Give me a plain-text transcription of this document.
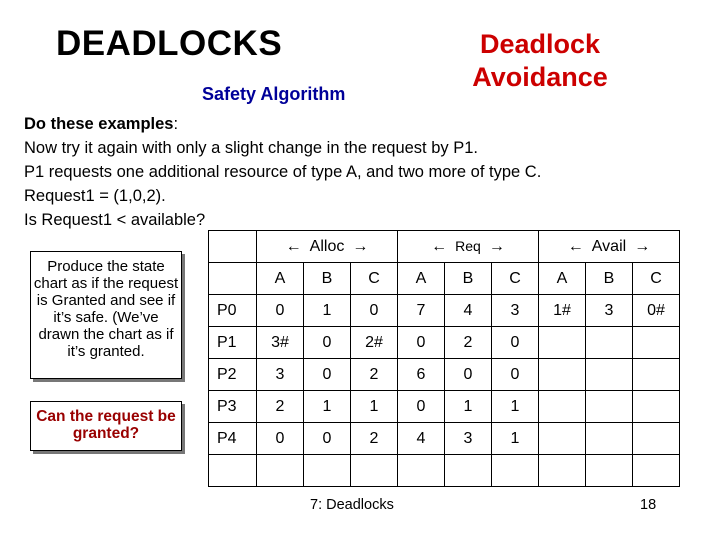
DEADLOCKS	Deadlock
Avoidance
Safety Algorithm
Do these examples:
Now try it again with only a slight change in the request by P1.
P1 requests one additional resource of type A, and two more of type C.
Request1 = (1,0,2).
Is Request1 < available?
Produce the state chart as if the request is Granted and see if it’s safe. (We’ve drawn the chart as if it’s granted.
Can the request be granted?
	← Alloc →			← Req →			← Avail →		
	A	B	C	A	B	C	A	B	C
P0	0	1	0	7	4	3	1#	3	0#
P1	3#	0	2#	0	2	0			
P2	3	0	2	6	0	0			
P3	2	1	1	0	1	1			
P4	0	0	2	4	3	1			

7: Deadlocks	18
